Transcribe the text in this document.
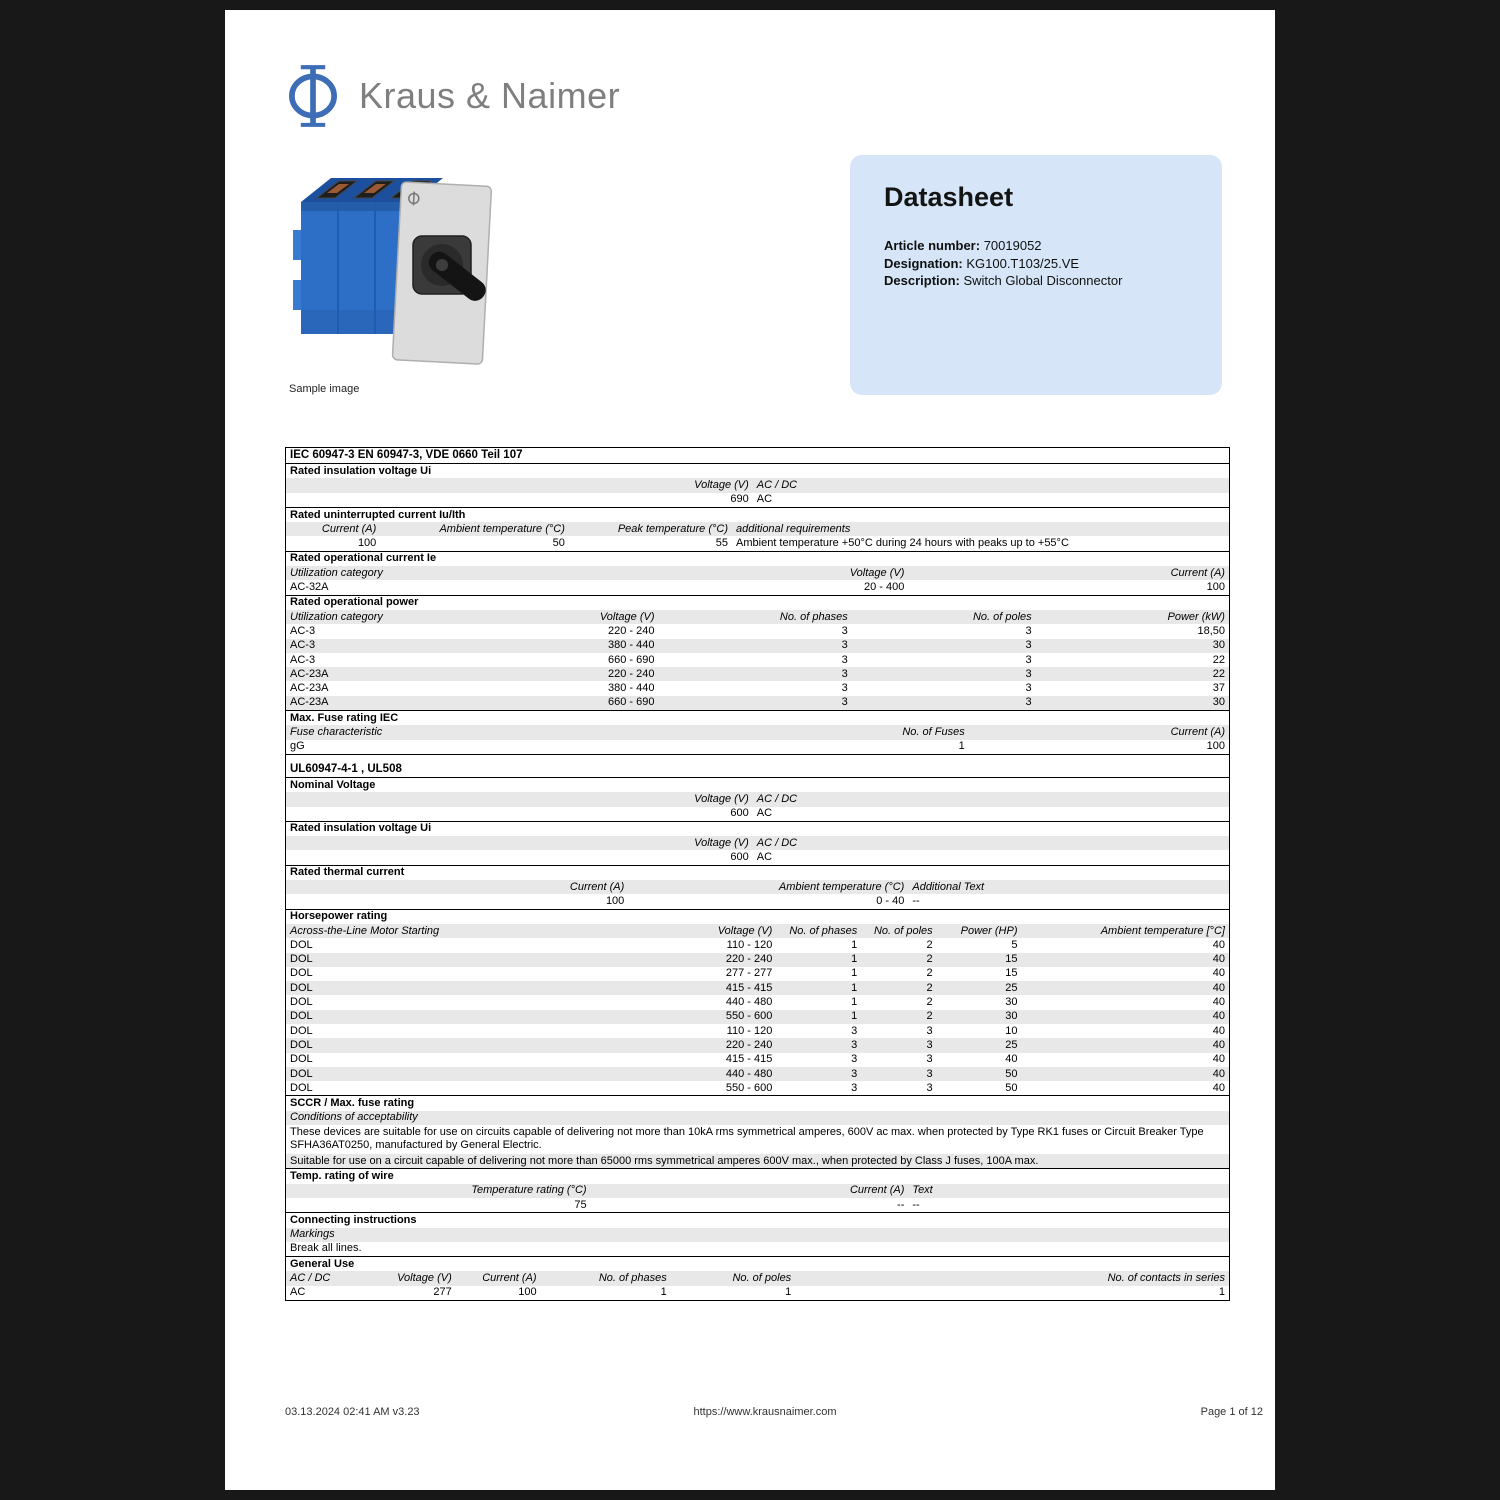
Kraus & Naimer
Sample image
Datasheet
Article number: 70019052
Designation: KG100.T103/25.VE
Description: Switch Global Disconnector
IEC 60947-3 EN 60947-3, VDE 0660 Teil 107
Rated insulation voltage Ui
Voltage (V) AC / DC
690 AC
Rated uninterrupted current Iu/Ith
Current (A)	Ambient temperature (°C)	Peak temperature (°C) additional requirements
100	50	55 Ambient temperature +50°C during 24 hours with peaks up to +55°C
Rated operational current Ie
Utilization category	Voltage (V)	Current (A)
AC-32A	20 - 400	100
Rated operational power
Utilization category	Voltage (V)	No. of phases	No. of poles	Power (kW)
AC-3	220 - 240	3	3	18,50
AC-3	380 - 440	3	3	30
AC-3	660 - 690	3	3	22
AC-23A	220 - 240	3	3	22
AC-23A	380 - 440	3	3	37
AC-23A	660 - 690	3	3	30
Max. Fuse rating IEC
Fuse characteristic	No. of Fuses	Current (A)
gG	1	100
UL60947-4-1 , UL508
Nominal Voltage
Voltage (V) AC / DC
600 AC
Rated insulation voltage Ui
Voltage (V) AC / DC
600 AC
Rated thermal current
Current (A)	Ambient temperature (°C) Additional Text
100	0 - 40 --
Horsepower rating
Across-the-Line Motor Starting	Voltage (V)	No. of phases	No. of poles	Power (HP)	Ambient temperature [°C]
DOL	110 - 120	1	2	5	40
DOL	220 - 240	1	2	15	40
DOL	277 - 277	1	2	15	40
DOL	415 - 415	1	2	25	40
DOL	440 - 480	1	2	30	40
DOL	550 - 600	1	2	30	40
DOL	110 - 120	3	3	10	40
DOL	220 - 240	3	3	25	40
DOL	415 - 415	3	3	40	40
DOL	440 - 480	3	3	50	40
DOL	550 - 600	3	3	50	40
SCCR / Max. fuse rating
Conditions of acceptability
These devices are suitable for use on circuits capable of delivering not more than 10kA rms symmetrical amperes, 600V ac max. when protected by Type RK1 fuses or Circuit Breaker Type SFHA36AT0250, manufactured by General Electric.
Suitable for use on a circuit capable of delivering not more than 65000 rms symmetrical amperes 600V max., when protected by Class J fuses, 100A max.
Temp. rating of wire
Temperature rating (°C)	Current (A) Text
75	-- --
Connecting instructions
Markings
Break all lines.
General Use
AC / DC	Voltage (V)	Current (A)	No. of phases	No. of poles	No. of contacts in series
AC	277	100	1	1	1
03.13.2024 02:41 AM v3.23	https://www.krausnaimer.com	Page 1 of 12
